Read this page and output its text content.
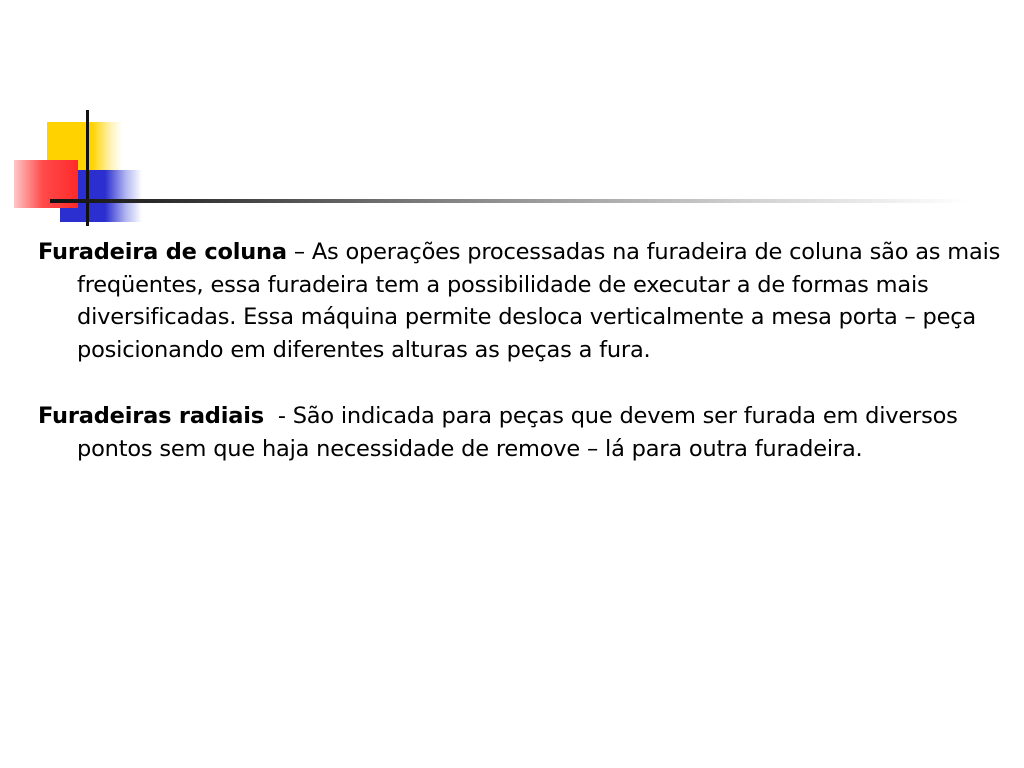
Furadeira de coluna – As operações processadas na furadeira de coluna são as mais freqüentes, essa furadeira tem a possibilidade de executar a de formas mais diversificadas. Essa máquina permite desloca verticalmente a mesa porta – peça posicionando em diferentes alturas as peças a fura.

Furadeiras radiais  - São indicada para peças que devem ser furada em diversos pontos sem que haja necessidade de remove – lá para outra furadeira.
